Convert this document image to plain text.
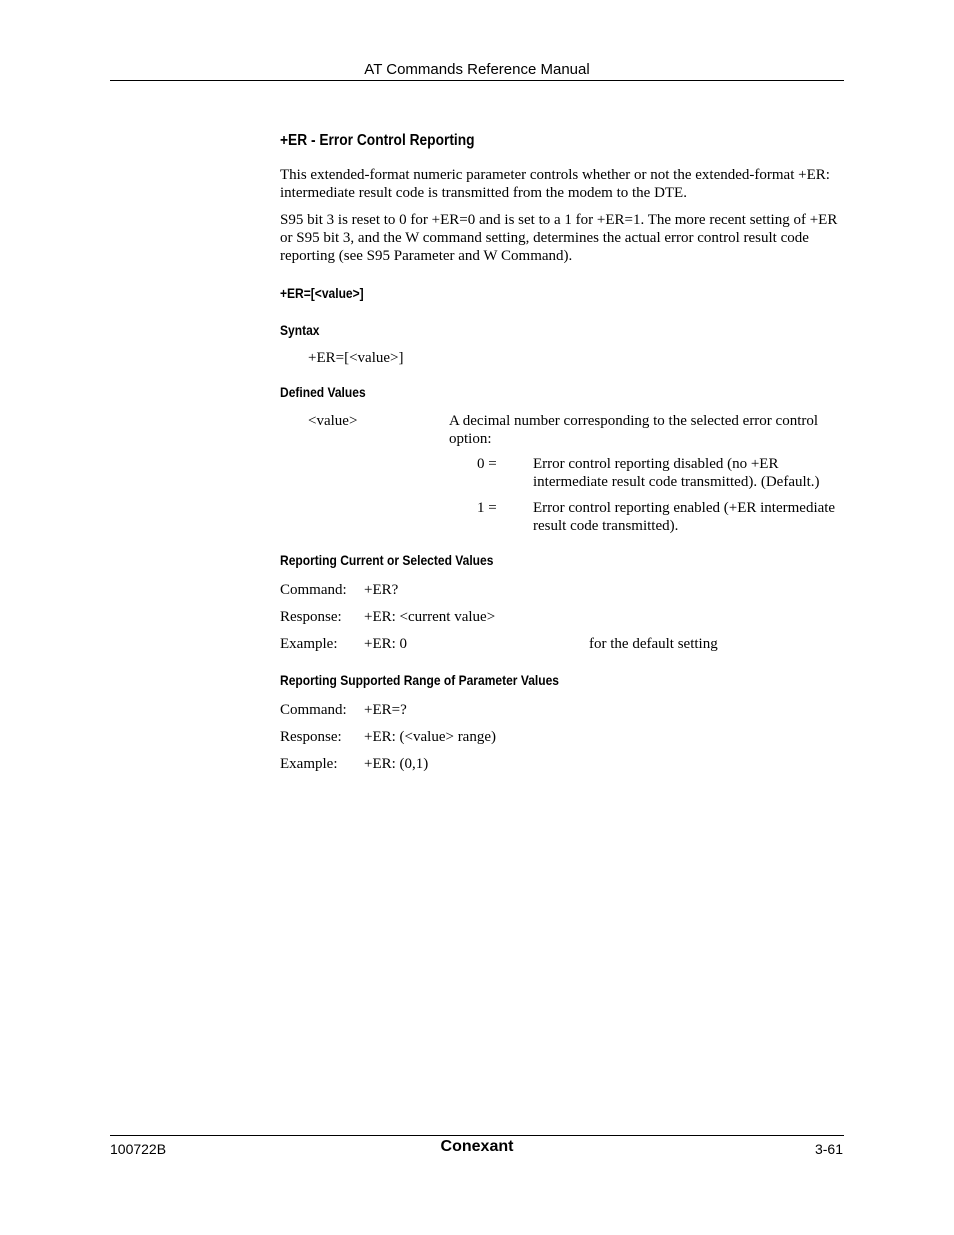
AT Commands Reference Manual
+ER - Error Control Reporting
This extended-format numeric parameter controls whether or not the extended-format +ER: intermediate result code is transmitted from the modem to the DTE.
S95 bit 3 is reset to 0 for +ER=0 and is set to a 1 for +ER=1. The more recent setting of +ER or S95 bit 3, and the W command setting, determines the actual error control result code reporting (see S95 Parameter and W Command).
+ER=[<value>]
Syntax
+ER=[<value>]
Defined Values
<value>	A decimal number corresponding to the selected error control option:
0 = Error control reporting disabled (no +ER intermediate result code transmitted). (Default.)
1 = Error control reporting enabled (+ER intermediate result code transmitted).
Reporting Current or Selected Values
Command: +ER?
Response: +ER: <current value>
Example: +ER: 0	for the default setting
Reporting Supported Range of Parameter Values
Command: +ER=?
Response: +ER: (<value> range)
Example: +ER: (0,1)
100722B	Conexant	3-61
